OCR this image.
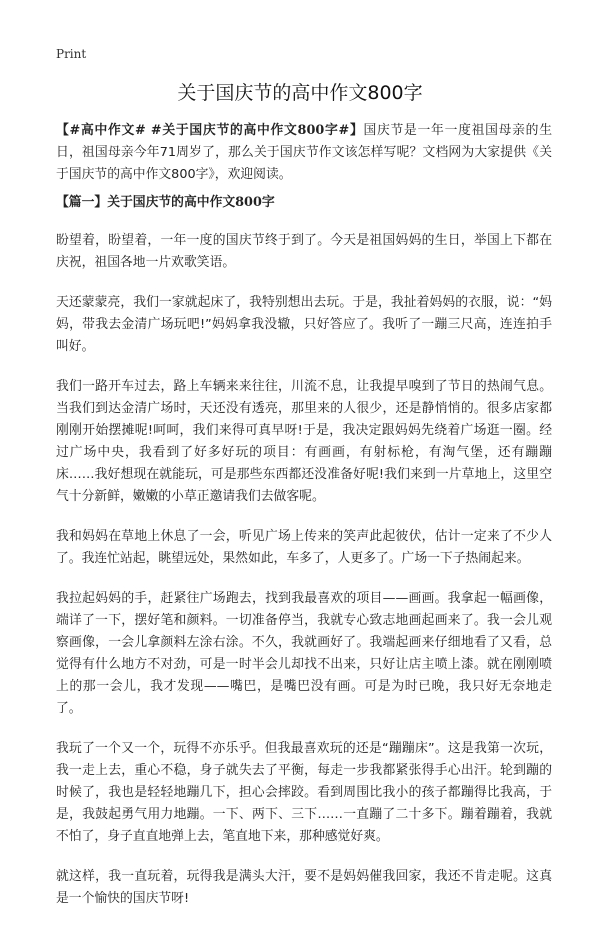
Print
关于国庆节的高中作文800字

【#高中作文# #关于国庆节的高中作文800字#】国庆节是一年一度祖国母亲的生日，祖国母亲今年71周岁了，那么关于国庆节作文该怎样写呢？文档网为大家提供《关于国庆节的高中作文800字》，欢迎阅读。

【篇一】关于国庆节的高中作文800字

盼望着，盼望着，一年一度的国庆节终于到了。今天是祖国妈妈的生日，举国上下都在庆祝，祖国各地一片欢歌笑语。

天还蒙蒙亮，我们一家就起床了，我特别想出去玩。于是，我扯着妈妈的衣服，说：“妈妈，带我去金清广场玩吧!”妈妈拿我没辙，只好答应了。我听了一蹦三尺高，连连拍手叫好。

我们一路开车过去，路上车辆来来往往，川流不息，让我提早嗅到了节日的热闹气息。当我们到达金清广场时，天还没有透亮，那里来的人很少，还是静悄悄的。很多店家都刚刚开始摆摊呢!呵呵，我们来得可真早呀!于是，我决定跟妈妈先绕着广场逛一圈。经过广场中央，我看到了好多好玩的项目：有画画，有射标枪，有淘气堡，还有蹦蹦床……我好想现在就能玩，可是那些东西都还没准备好呢!我们来到一片草地上，这里空气十分新鲜，嫩嫩的小草正邀请我们去做客呢。

我和妈妈在草地上休息了一会，听见广场上传来的笑声此起彼伏，估计一定来了不少人了。我连忙站起，眺望远处，果然如此，车多了，人更多了。广场一下子热闹起来。

我拉起妈妈的手，赶紧往广场跑去，找到我最喜欢的项目——画画。我拿起一幅画像，端详了一下，摆好笔和颜料。一切准备停当，我就专心致志地画起画来了。我一会儿观察画像，一会儿拿颜料左涂右涂。不久，我就画好了。我端起画来仔细地看了又看，总觉得有什么地方不对劲，可是一时半会儿却找不出来，只好让店主喷上漆。就在刚刚喷上的那一会儿，我才发现——嘴巴，是嘴巴没有画。可是为时已晚，我只好无奈地走了。

我玩了一个又一个，玩得不亦乐乎。但我最喜欢玩的还是“蹦蹦床”。这是我第一次玩，我一走上去，重心不稳，身子就失去了平衡，每走一步我都紧张得手心出汗。轮到蹦的时候了，我也是轻轻地蹦几下，担心会摔跤。看到周围比我小的孩子都蹦得比我高，于是，我鼓起勇气用力地蹦。一下、两下、三下……一直蹦了二十多下。蹦着蹦着，我就不怕了，身子直直地弹上去，笔直地下来，那种感觉好爽。

就这样，我一直玩着，玩得我是满头大汗，要不是妈妈催我回家，我还不肯走呢。这真是一个愉快的国庆节呀!
